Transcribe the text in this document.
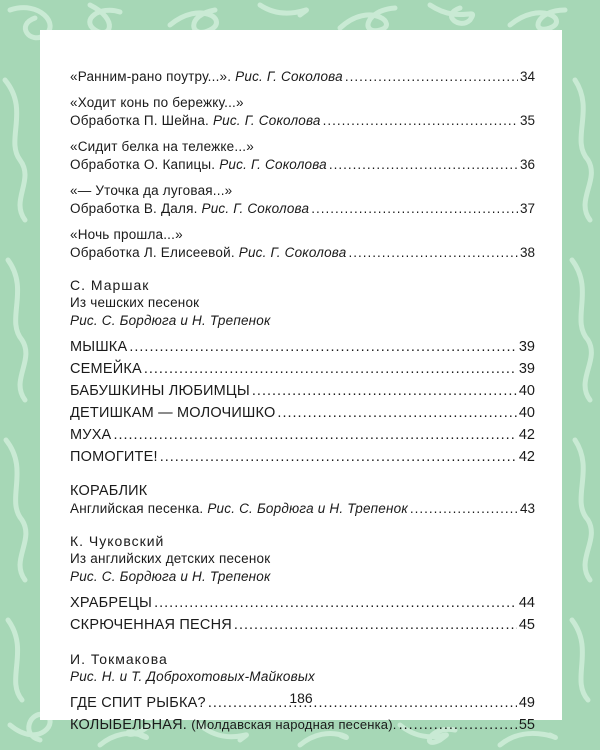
«Ранним-рано поутру...». Рис. Г. Соколова .....	34
«Ходит конь по бережку...»
Обработка П. Шейна. Рис. Г. Соколова .....	35
«Сидит белка на тележке...»
Обработка О. Капицы. Рис. Г. Соколова .....	36
«— Уточка да луговая...»
Обработка В. Даля. Рис. Г. Соколова .....	37
«Ночь прошла...»
Обработка Л. Елисеевой. Рис. Г. Соколова .....	38
С. Маршак
Из чешских песенок
Рис. С. Бордюга и Н. Трепенок
МЫШКА .....	39
СЕМЕЙКА .....	39
БАБУШКИНЫ ЛЮБИМЦЫ .....	40
ДЕТИШКАМ — МОЛОЧИШКО .....	40
МУХА .....	42
ПОМОГИТЕ! .....	42
КОРАБЛИК
Английская песенка. Рис. С. Бордюга и Н. Трепенок .....	43
К. Чуковский
Из английских детских песенок
Рис. С. Бордюга и Н. Трепенок
ХРАБРЕЦЫ .....	44
СКРЮЧЕННАЯ ПЕСНЯ .....	45
И. Токмакова
Рис. Н. и Т. Доброхотовых-Майковых
ГДЕ СПИТ РЫБКА? .....	49
КОЛЫБЕЛЬНАЯ. (Молдавская народная песенка). .....	55
186
